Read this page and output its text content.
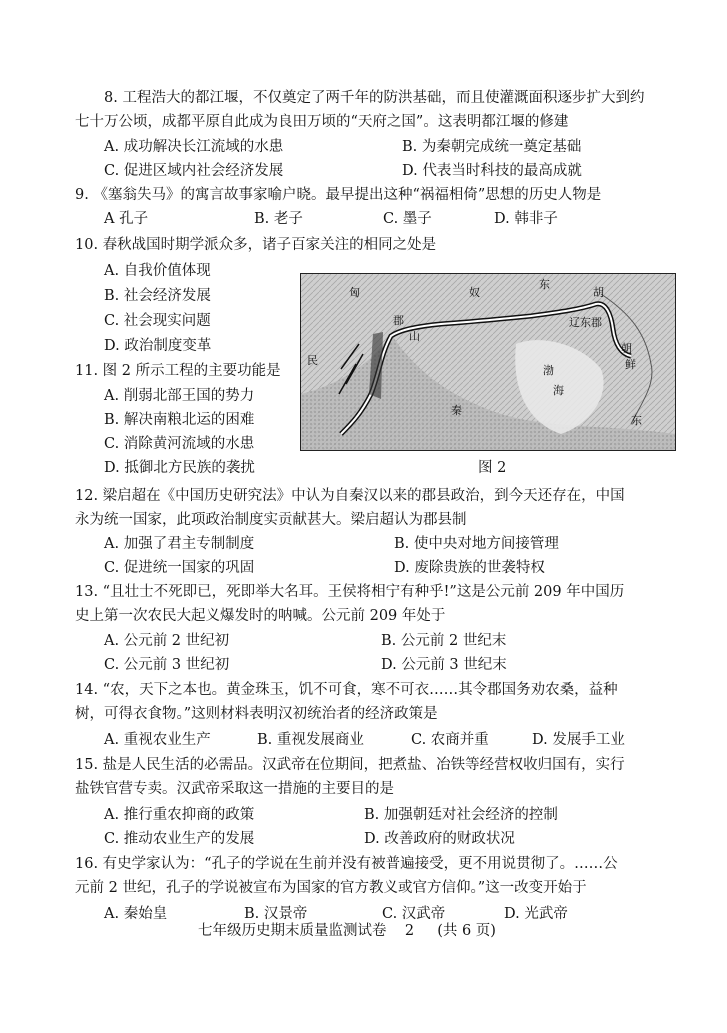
8. 工程浩大的都江堰，不仅奠定了两千年的防洪基础，而且使灌溉面积逐步扩大到约
七十万公顷，成都平原自此成为良田万顷的“天府之国”。这表明都江堰的修建
A. 成功解决长江流域的水患	B. 为秦朝完成统一奠定基础
C. 促进区域内社会经济发展	D. 代表当时科技的最高成就
9. 《塞翁失马》的寓言故事家喻户晓。最早提出这种“祸福相倚”思想的历史人物是
A 孔子	B. 老子	C. 墨子	D. 韩非子
10. 春秋战国时期学派众多，诸子百家关注的相同之处是
A. 自我价值体现
B. 社会经济发展
C. 社会现实问题
D. 政治制度变革
11. 图 2 所示工程的主要功能是
A. 削弱北部王国的势力
B. 解决南粮北运的困难
C. 消除黄河流域的水患
D. 抵御北方民族的袭扰
匈	奴
东
胡
辽东郡
朝
鲜
郡
山
民
秦
渤
海
东
图 2
12. 梁启超在《中国历史研究法》中认为自秦汉以来的郡县政治，到今天还存在，中国
永为统一国家，此项政治制度实贡献甚大。梁启超认为郡县制
A. 加强了君主专制制度	B. 使中央对地方间接管理
C. 促进统一国家的巩固	D. 废除贵族的世袭特权
13. “且壮士不死即已，死即举大名耳。王侯将相宁有种乎!”这是公元前 209 年中国历
史上第一次农民大起义爆发时的呐喊。公元前 209 年处于
A. 公元前 2 世纪初	B. 公元前 2 世纪末
C. 公元前 3 世纪初	D. 公元前 3 世纪末
14. “农，天下之本也。黄金珠玉，饥不可食，寒不可衣……其令郡国务劝农桑，益种
树，可得衣食物。”这则材料表明汉初统治者的经济政策是
A. 重视农业生产	B. 重视发展商业	C. 农商并重	D. 发展手工业
15. 盐是人民生活的必需品。汉武帝在位期间，把煮盐、冶铁等经营权收归国有，实行
盐铁官营专卖。汉武帝采取这一措施的主要目的是
A. 推行重农抑商的政策	B. 加强朝廷对社会经济的控制
C. 推动农业生产的发展	D. 改善政府的财政状况
16. 有史学家认为：“孔子的学说在生前并没有被普遍接受，更不用说贯彻了。……公
元前 2 世纪，孔子的学说被宣布为国家的官方教义或官方信仰。”这一改变开始于
A. 秦始皇	B. 汉景帝	C. 汉武帝	D. 光武帝
七年级历史期末质量监测试卷    2     (共 6 页)
